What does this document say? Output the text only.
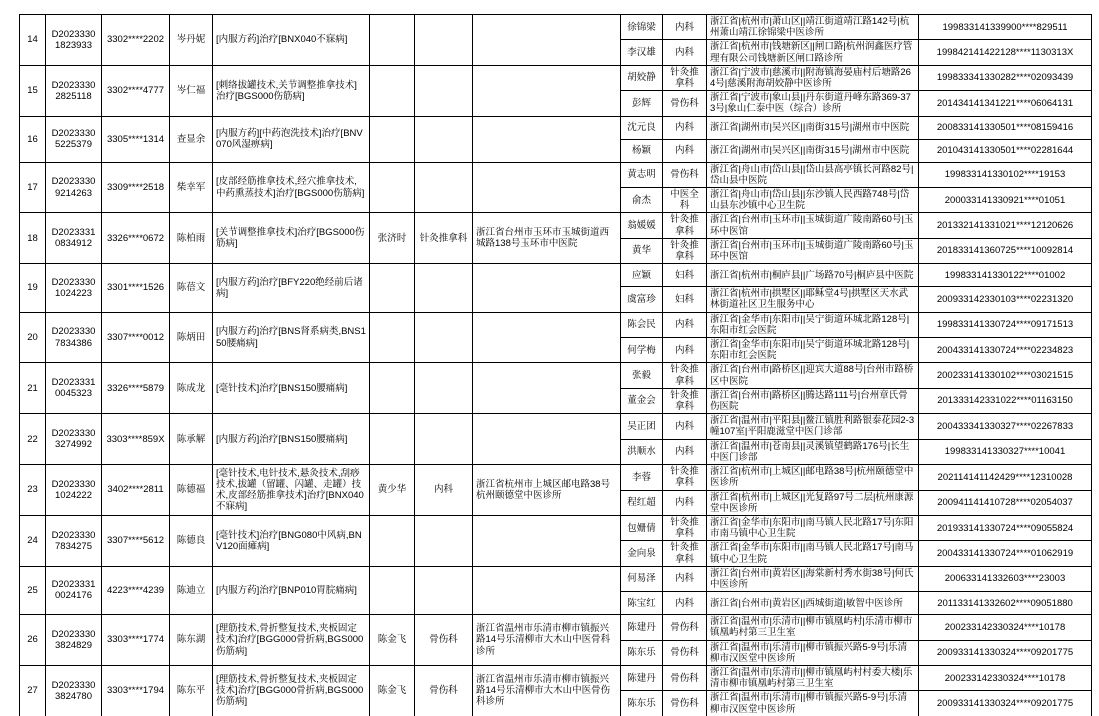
14	D20233301823933	3302****2202	岑丹妮	[内服方药]治疗[BNX040不寐病]				徐锦梁	内科	浙江省|杭州市|萧山区||靖江街道靖江路142号|杭州萧山靖江徐锦梁中医诊所	199833141339900****829511
								李汉雄	内科	浙江省|杭州市|钱塘新区||闸口路|杭州润鑫医疗管理有限公司钱塘新区闸口路诊所	199842141422128****1130313X
15	D20233302825118	3302****4777	岑仁福	[刺络拔罐技术,关节调整推拿技术]治疗[BGS000伤筋病]				胡姣静	针灸推拿科	浙江省|宁波市|慈溪市||附海镇海晏庙村后塘路264号|慈溪附海胡姣静中医诊所	199833341330282****02093439
								彭辉	骨伤科	浙江省|宁波市|象山县||丹东街道丹峰东路369-373号|象山仁泰中医（综合）诊所	201434141341221****06064131
16	D20233305225379	3305****1314	查显余	[内服方药][中药泡洗技术]治疗[BNV070风湿痹病]				沈元良	内科	浙江省|湖州市|吴兴区||南街315号|湖州市中医院	200833141330501****08159416
								杨颖	内科	浙江省|湖州市|吴兴区||南街315号|湖州市中医院	201043141330501****02281644
17	D20233309214263	3309****2518	柴幸军	[皮部经筋推拿技术,经穴推拿技术,中药熏蒸技术]治疗[BGS000伤筋病]				黄志明	骨伤科	浙江省|舟山市|岱山县||岱山县高亭镇长河路82号|岱山县中医院	199833141330102****19153
								俞杰	中医全科	浙江省|舟山市|岱山县||东沙镇人民西路748号|岱山县东沙镇中心卫生院	200033141330921****01051
18	D20233310834912	3326****0672	陈柏雨	[关节调整推拿技术]治疗[BGS000伤筋病]	张济时	针灸推拿科	浙江省台州市玉环市玉城街道西城路138号玉环市中医院	翁媛媛	针灸推拿科	浙江省|台州市|玉环市||玉城街道广陵南路60号|玉环中医馆	201332141331021****12120626
								黄华	针灸推拿科	浙江省|台州市|玉环市||玉城街道广陵南路60号|玉环中医馆	201833141360725****10092814
19	D20233301024223	3301****1526	陈蓓文	[内服方药]治疗[BFY220绝经前后诸病]				应颖	妇科	浙江省|杭州市|桐庐县||广场路70号|桐庐县中医院	199833141330122****01002
								虞富珍	妇科	浙江省|杭州市|拱墅区||耶稣堂4号|拱墅区天水武林街道社区卫生服务中心	200933142330103****02231320
20	D20233307834386	3307****0012	陈炳田	[内服方药]治疗[BNS肾系病类,BNS150腰痛病]				陈会民	内科	浙江省|金华市|东阳市||吴宁街道环城北路128号|东阳市红会医院	199833141330724****09171513
								何学梅	内科	浙江省|金华市|东阳市||吴宁街道环城北路128号|东阳市红会医院	200433141330724****02234823
21	D20233310045323	3326****5879	陈成龙	[毫针技术]治疗[BNS150腰痛病]				张毅	针灸推拿科	浙江省|台州市|路桥区||迎宾大道88号|台州市路桥区中医院	200233141330102****03021515
								董金会	针灸推拿科	浙江省|台州市|路桥区||腾达路111号|台州章氏骨伤医院	201333142331022****01163150
22	D20233303274992	3303****859X	陈承解	[内服方药]治疗[BNS150腰痛病]				吴正团	内科	浙江省|温州市|平阳县||鳌江镇胜利路银泰花园2‐3幢107室|平阳鹿滋堂中医门诊部	200433341330327****02267833
								洪顺水	内科	浙江省|温州市|苍南县||灵溪镇望鹤路176号|长生中医门诊部	199833141330327****10041
23	D20233301024222	3402****2811	陈德福	[毫针技术,电针技术,悬灸技术,刮痧技术,拔罐（留罐、闪罐、走罐）技术,皮部经筋推拿技术]治疗[BNX040不寐病]	黄少华	内科	浙江省杭州市上城区邮电路38号杭州颐德堂中医诊所	李蓉	针灸推拿科	浙江省|杭州市|上城区||邮电路38号|杭州颐德堂中医诊所	202114141142429****12310028
								程红超	内科	浙江省|杭州市|上城区||光复路97号二层|杭州康源堂中医诊所	200941141410728****02054037
24	D20233307834275	3307****5612	陈德良	[毫针技术]治疗[BNG080中风病,BNV120面瘫病]				包姗倩	针灸推拿科	浙江省|金华市|东阳市||南马镇人民北路17号|东阳市南马镇中心卫生院	201933141330724****09055824
								金向泉	针灸推拿科	浙江省|金华市|东阳市||南马镇人民北路17号|南马镇中心卫生院	200433141330724****01062919
25	D20233310024176	4223****4239	陈迪立	[内服方药]治疗[BNP010胃脘痛病]				何易泽	内科	浙江省|台州市|黄岩区||海棠新村秀水街38号|何氏中医诊所	200633141332603****23003
								陈宝红	内科	浙江省|台州市|黄岩区||西城街道|敏智中医诊所	201133141332602****09051880
26	D20233303824829	3303****1774	陈东湖	[理筋技术,骨折整复技术,夹板固定技术]治疗[BGG000骨折病,BGS000伤筋病]	陈金飞	骨伤科	浙江省温州市乐清市柳市镇振兴路14号乐清柳市大木山中医骨科诊所	陈建丹	骨伤科	浙江省|温州市|乐清市||柳市镇凰屿村|乐清市柳市镇凰屿村第三卫生室	200233142330324****10178
								陈东乐	骨伤科	浙江省|温州市|乐清市||柳市镇振兴路5-9号|乐清柳市汉医堂中医诊所	200933141330324****09201775
27	D20233303824780	3303****1794	陈东平	[理筋技术,骨折整复技术,夹板固定技术]治疗[BGG000骨折病,BGS000伤筋病]	陈金飞	骨伤科	浙江省温州市乐清市柳市镇振兴路14号乐清柳市大木山中医骨伤科诊所	陈建丹	骨伤科	浙江省|温州市|乐清市||柳市镇凰屿村村委大楼|乐清市柳市镇凰屿村第三卫生室	200233142330324****10178
								陈东乐	骨伤科	浙江省|温州市|乐清市||柳市镇振兴路5-9号|乐清柳市汉医堂中医诊所	200933141330324****09201775
